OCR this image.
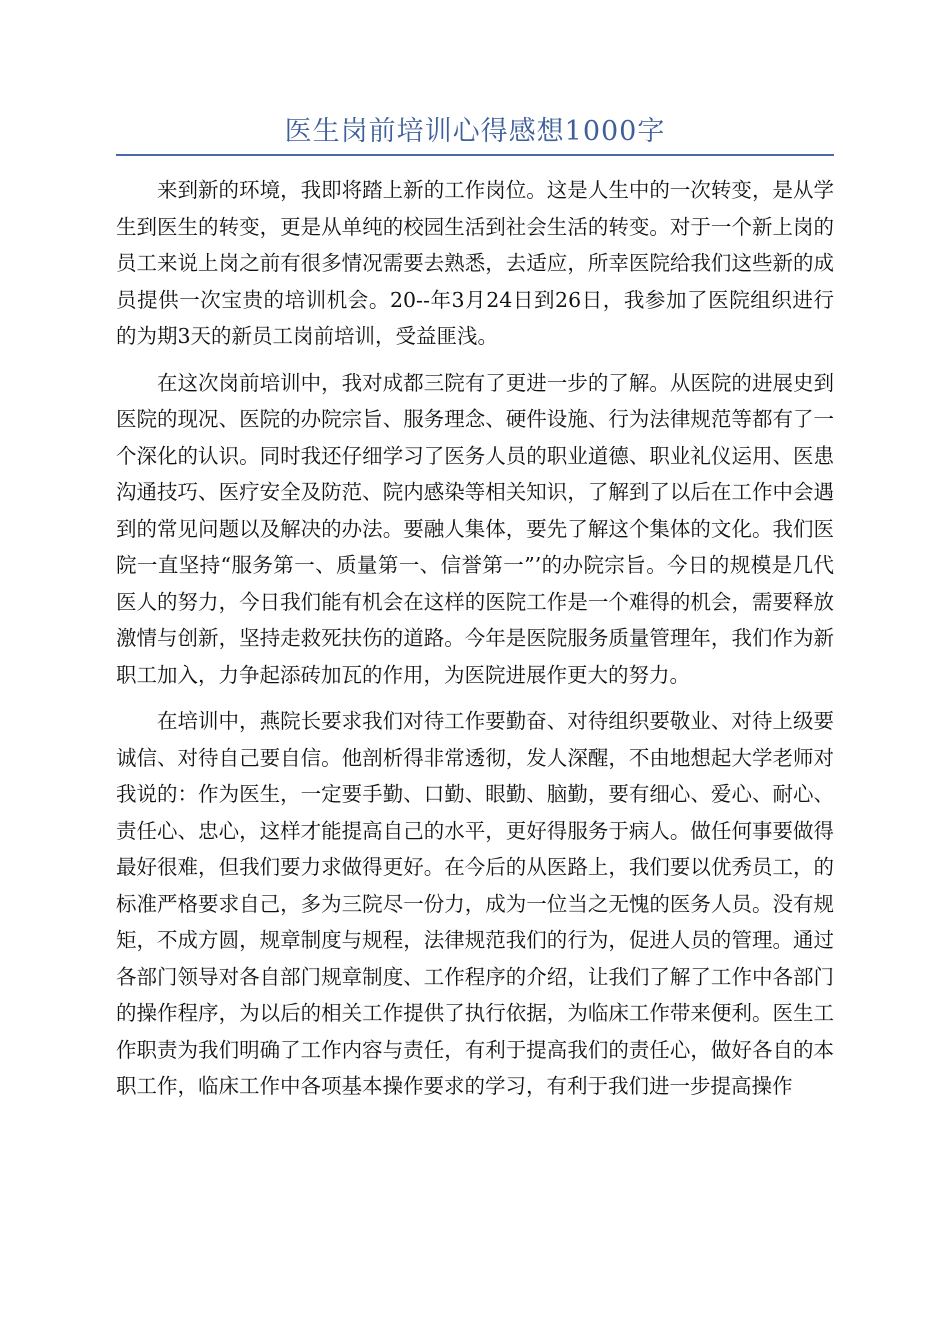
医生岗前培训心得感想1000字

来到新的环境，我即将踏上新的工作岗位。这是人生中的一次转变，是从学生到医生的转变，更是从单纯的校园生活到社会生活的转变。对于一个新上岗的员工来说上岗之前有很多情况需要去熟悉，去适应，所幸医院给我们这些新的成员提供一次宝贵的培训机会。20--年3月24日到26日，我参加了医院组织进行的为期3天的新员工岗前培训，受益匪浅。

在这次岗前培训中，我对成都三院有了更进一步的了解。从医院的进展史到医院的现况、医院的办院宗旨、服务理念、硬件设施、行为法律规范等都有了一个深化的认识。同时我还仔细学习了医务人员的职业道德、职业礼仪运用、医患沟通技巧、医疗安全及防范、院内感染等相关知识，了解到了以后在工作中会遇到的常见问题以及解决的办法。要融人集体，要先了解这个集体的文化。我们医院一直坚持“服务第一、质量第一、信誉第一”’的办院宗旨。今日的规模是几代医人的努力，今日我们能有机会在这样的医院工作是一个难得的机会，需要释放激情与创新，坚持走救死扶伤的道路。今年是医院服务质量管理年，我们作为新职工加入，力争起添砖加瓦的作用，为医院进展作更大的努力。

在培训中，燕院长要求我们对待工作要勤奋、对待组织要敬业、对待上级要诚信、对待自己要自信。他剖析得非常透彻，发人深醒，不由地想起大学老师对我说的：作为医生，一定要手勤、口勤、眼勤、脑勤，要有细心、爱心、耐心、责任心、忠心，这样才能提高自己的水平，更好得服务于病人。做任何事要做得最好很难，但我们要力求做得更好。在今后的从医路上，我们要以优秀员工，的标准严格要求自己，多为三院尽一份力，成为一位当之无愧的医务人员。没有规矩，不成方圆，规章制度与规程，法律规范我们的行为，促进人员的管理。通过各部门领导对各自部门规章制度、工作程序的介绍，让我们了解了工作中各部门的操作程序，为以后的相关工作提供了执行依据，为临床工作带来便利。医生工作职责为我们明确了工作内容与责任，有利于提高我们的责任心，做好各自的本职工作，临床工作中各项基本操作要求的学习，有利于我们进一步提高操作
